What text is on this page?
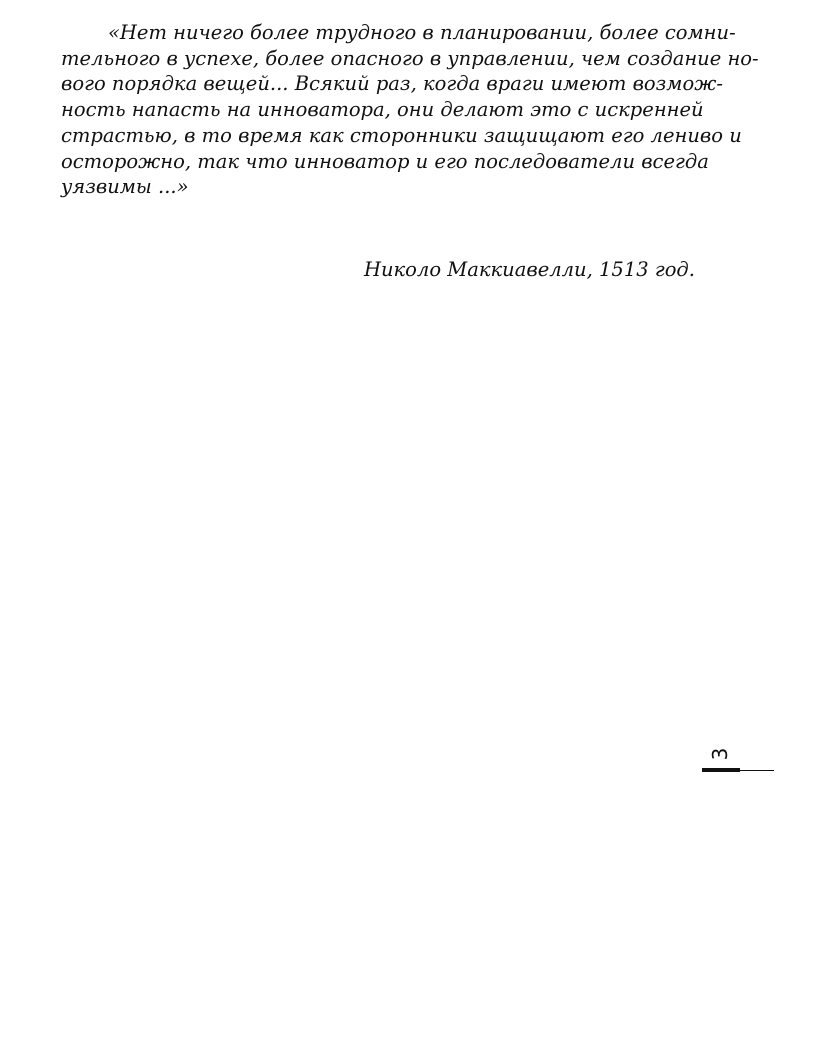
«Нет ничего более трудного в планировании, более сомни-
тельного в успехе, более опасного в управлении, чем создание но-
вого порядка вещей... Всякий раз, когда враги имеют возмож-
ность напасть на инноватора, они делают это с искренней
страстью, в то время как сторонники защищают его лениво и
осторожно, так что инноватор и его последователи всегда
уязвимы ...»
Николо Маккиавелли, 1513 год.
3
